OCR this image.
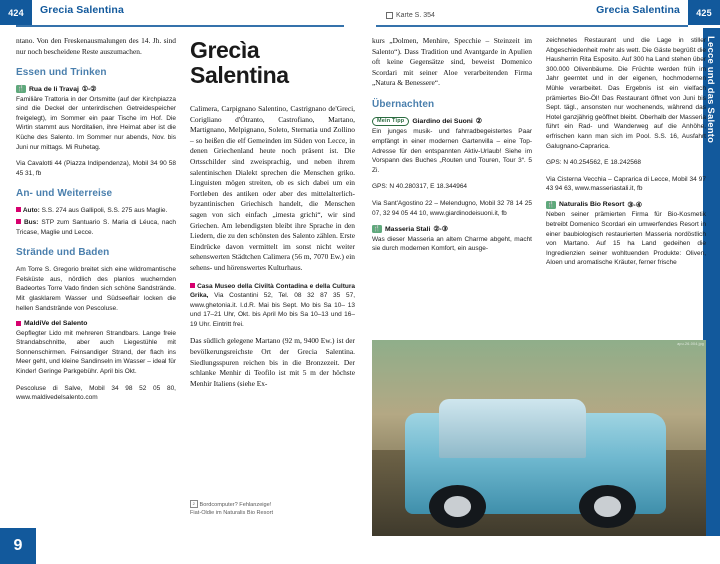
424	Grecia Salentina	Karte S. 354	Grecia Salentina	425
Lecce und das Salento
9

ntano. Von den Freskenausmalungen des 14. Jh. sind nur noch bescheidene Reste auszumachen.

Essen und Trinken
🍴 Rua de li Travaj ①-②

Familiäre Trattoria in der Ortsmitte (auf der Kirchpiazza sind die Deckel der unterirdischen Getreidespeicher freigelegt), im Sommer ein paar Tische im Hof. Die Wirtin stammt aus Norditalien, ihre Heimat aber ist die Küche des Salento. Im Sommer nur abends, Nov. bis Juni nur mittags. Mi Ruhetag.

Via Cavalotti 44 (Piazza Indipendenza), Mobil 34 90 58 45 31, fb

An- und Weiterreise
Auto: S.S. 274 aus Gallipoli, S.S. 275 aus Maglie.
Bus: STP zum Santuario S. Maria di Léuca, nach Tricase, Maglie und Lecce.
Strände und Baden

Am Torre S. Gregorio breitet sich eine wildromantische Felsküste aus, nördlich des planlos wuchernden Badeortes Torre Vado finden sich schöne Sandstrände. Mit glasklarem Wasser und Südseeflair locken die hellen Sandstrände von Pescoluse.

MaldiVe del Salento

Gepflegter Lido mit mehreren Strandbars. Lange freie Strandabschnitte, aber auch Liegestühle mit Sonnenschirmen. Feinsandiger Strand, der flach ins Meer geht, und kleine Sandinseln im Wasser – ideal für Kinder! Geringe Parkgebühr. April bis Okt.

Pescoluse di Salve, Mobil 34 98 52 05 80, www.maldivedelsalento.com

Grecìa Salentina

Calimera, Carpignano Salentino, Castrignano de'Greci, Corigliano d'Ótranto, Castrofiano, Martano, Martignano, Melpignano, Soleto, Sternatia und Zollino – so heißen die elf Gemeinden im Süden von Lecce, in denen Griechenland heute noch präsent ist. Die Ortsschilder sind zweisprachig, und neben ihrem salentinischen Dialekt sprechen die Menschen griko. Linguisten mögen streiten, ob es sich dabei um ein Fortleben des antiken oder aber des mittelalterlich-byzantinischen Griechisch handelt, die Menschen sagen von sich einfach „imesta grichi“, wir sind Griechen. Am lebendigsten bleibt ihre Sprache in den Liedern, die zu den schönsten des Salento zählen. Erste Eindrücke davon vermittelt im sonst nicht weiter sehenswerten Städtchen Calimera (56 m, 7070 Ew.) ein sehens- und hörenswertes Kulturhaus.

Casa Museo della Civiltà Contadina e della Cultura Grika, Via Costantini 52, Tel. 08 32 87 35 57, www.ghetonia.it. I.d.R. Mai bis Sept. Mo bis Sa 10– 13 und 17–21 Uhr, Okt. bis April Mo bis Sa 10–13 und 16–19 Uhr. Eintritt frei.

Das südlich gelegene Martano (92 m, 9400 Ew.) ist der bevölkerungsreichste Ort der Grecia Salentina. Siedlungsspuren reichen bis in die Bronzezeit. Der schlanke Menhir di Teofilo ist mit 5 m der höchste Menhir Italiens (siehe Ex-

kurs „Dolmen, Menhire, Specchie – Steinzeit im Salento“). Dass Tradition und Avantgarde in Apulien oft keine Gegensätze sind, beweist Domenico Scordari mit seiner Aloe verarbeitenden Firma „Natura & Benessere“.

Übernachten
Mein Tipp	Giardino dei Suoni ②

Ein junges musik- und fahrradbegeistertes Paar empfängt in einer modernen Gartenvilla – eine Top-Adresse für den entspannten Aktiv-Urlaub! Siehe im Vorspann des Buches „Routen und Touren, Tour 3“. 5 Zi.

GPS: N 40.280317, E 18.344964

Via Sant'Agostino 22 – Melendugno, Mobil 32 78 14 25 07, 32 94 05 44 10, www.giardinodeisuoni.it, fb

🍴 Masseria Stali ②-③

Was dieser Masseria an altem Charme abgeht, macht sie durch modernen Komfort, ein ausge-

zeichnetes Restaurant und die Lage in stiller Abgeschiedenheit mehr als wett. Die Gäste begrüßt die Hausherrin Rita Esposito. Auf 300 ha Land stehen über 300.000 Olivenbäume. Die Früchte werden früh im Jahr geerntet und in der eigenen, hochmodernen Mühle verarbeitet. Das Ergebnis ist ein vielfach prämiertes Bio-Öl! Das Restaurant öffnet von Juni bis Sept. tägl., ansonsten nur wochenends, während das Hotel ganzjährig geöffnet bleibt. Oberhalb der Masseria führt ein Rad- und Wanderweg auf die Anhöhe, erfrischen kann man sich im Pool. S.S. 16, Ausfahrt Galugnano-Caprarica.

GPS: N 40.254562, E 18.242568

Via Cisterna Vecchia – Caprarica di Lecce, Mobil 34 97 43 94 63, www.masseriastali.it, fb

🍴 Naturalis Bio Resort ③-④

Neben seiner prämierten Firma für Bio-Kosmetik betreibt Domenico Scordari ein umwerfendes Resort in einer baubiologisch restaurierten Masseria nordöstlich von Martano. Auf 15 ha Land gedeihen die Ingredienzien seiner wohltuenden Produkte: Oliven, Aloen und aromatische Kräuter, ferner frische

apu.26-004.jpg
2 Bordcomputer? Fehlanzeige!
Fiat-Oldie im Naturalis Bio Resort
